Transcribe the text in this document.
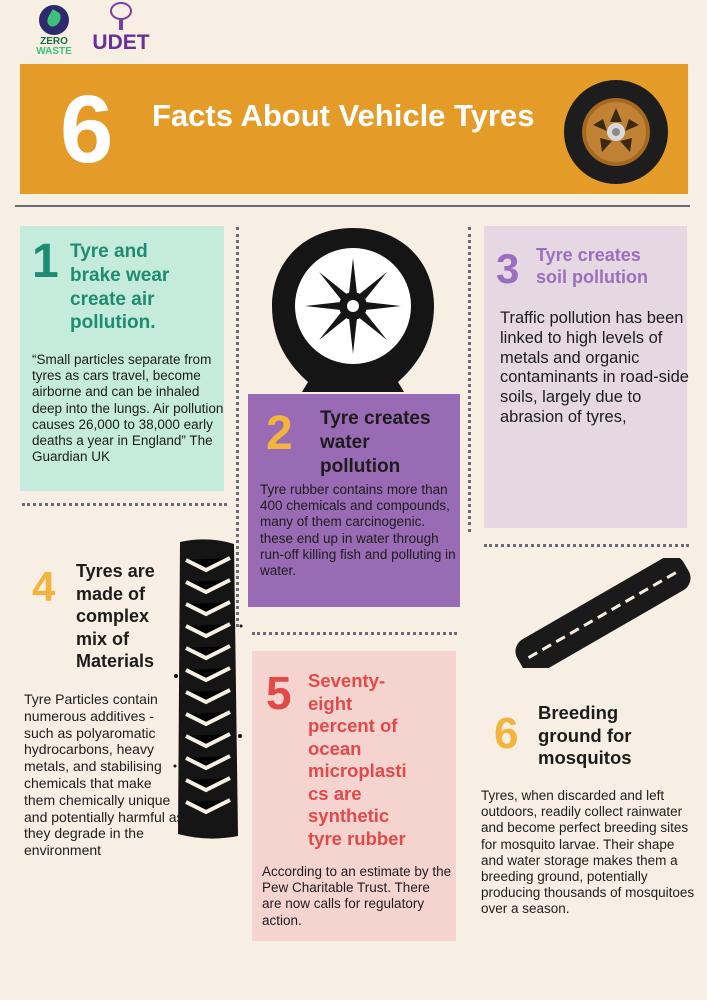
ZERO
WASTE UDET
6 Facts About Vehicle Tyres
1 Tyre and
brake wear
create air
pollution.
“Small particles separate from tyres as cars travel, become airborne and can be inhaled deep into the lungs. Air pollution causes 26,000 to 38,000 early deaths a year in England” The Guardian UK	2 Tyre creates
water
pollution
Tyre rubber contains more than 400 chemicals and compounds, many of them carcinogenic. these end up in water through run-off killing fish and polluting in water.
3 Tyre creates
soil pollution
Traffic pollution has been linked to high levels of metals and organic contaminants in road-side soils, largely due to abrasion of tyres,
4 Tyres are
made of
complex
mix of
Materials
Tyre Particles contain numerous additives - such as polyaromatic hydrocarbons, heavy metals, and stabilising chemicals that make them chemically unique and potentially harmful as they degrade in the environment
5 Seventy-
eight
percent of
ocean
microplasti
cs are
synthetic
tyre rubber
According to an estimate by the Pew Charitable Trust. There are now calls for regulatory action.
6 Breeding
ground for
mosquitos
Tyres, when discarded and left outdoors, readily collect rainwater and become perfect breeding sites for mosquito larvae. Their shape and water storage makes them a breeding ground, potentially producing thousands of mosquitoes over a season.
